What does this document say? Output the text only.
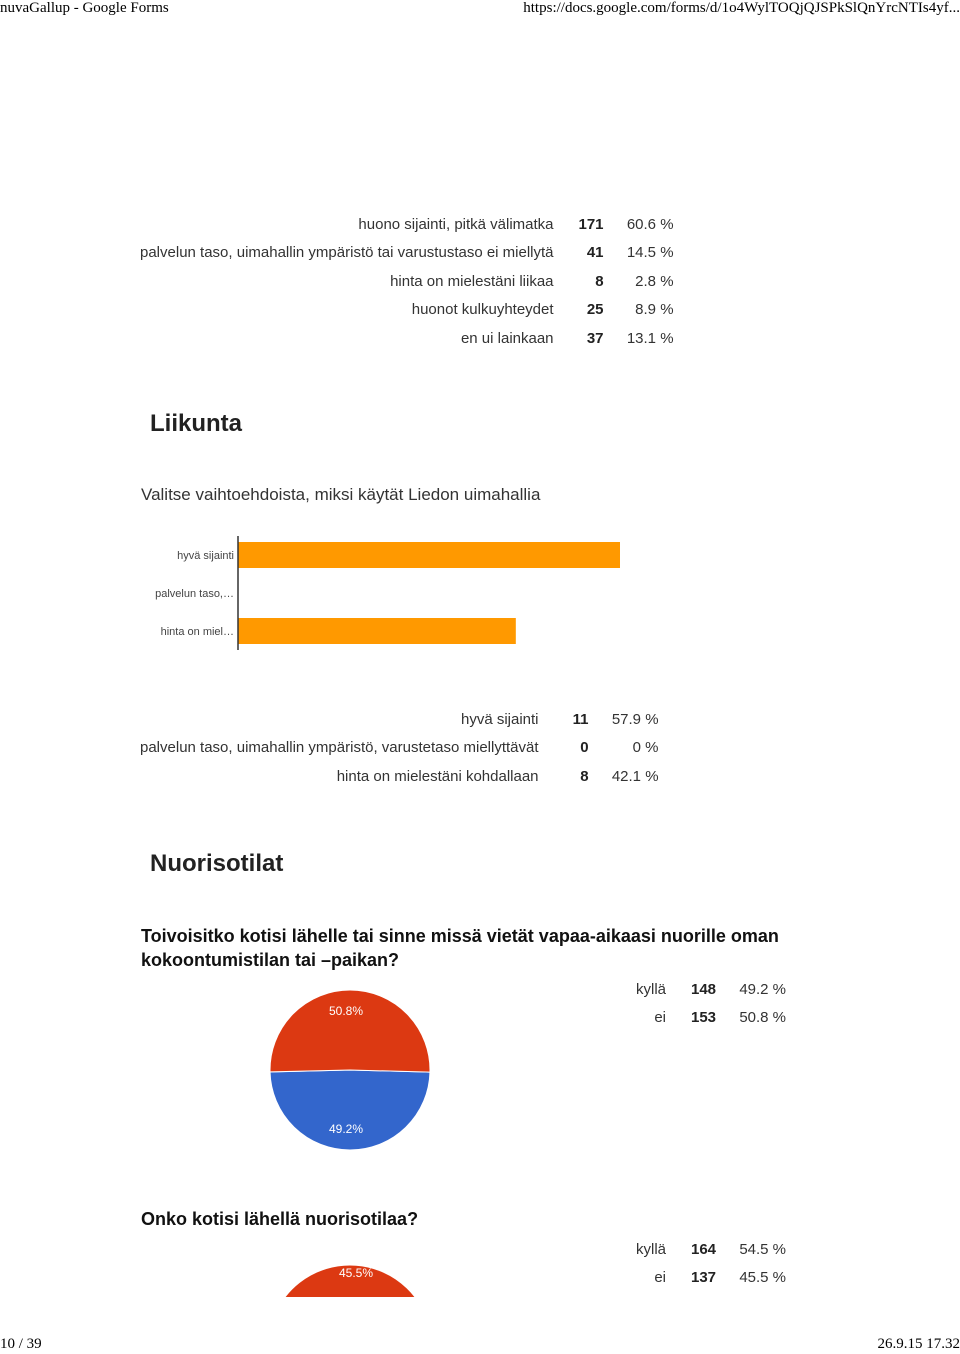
nuvaGallup - Google Forms	https://docs.google.com/forms/d/1o4WylTOQjQJSPkSlQnYrcNTIs4yf...
huono sijainti, pitkä välimatka	171	60.6 %
palvelun taso, uimahallin ympäristö tai varustustaso ei miellytä	41	14.5 %
hinta on mielestäni liikaa	8	2.8 %
huonot kulkuyhteydet	25	8.9 %
en ui lainkaan	37	13.1 %
Liikunta
Valitse vaihtoehdoista, miksi käytät Liedon uimahallia
hyvä sijainti
palvelun taso,…
hinta on miel…
hyvä sijainti	11	57.9 %
palvelun taso, uimahallin ympäristö, varustetaso miellyttävät	0	0 %
hinta on mielestäni kohdallaan	8	42.1 %
Nuorisotilat
Toivoisitko kotisi lähelle tai sinne missä vietät vapaa-aikaasi nuorille oman kokoontumistilan tai –paikan?
49.2%
50.8%
kyllä	148	49.2 %
ei	153	50.8 %
Onko kotisi lähellä nuorisotilaa?
45.5%
kyllä	164	54.5 %
ei	137	45.5 %
10 / 39	26.9.15 17.32
